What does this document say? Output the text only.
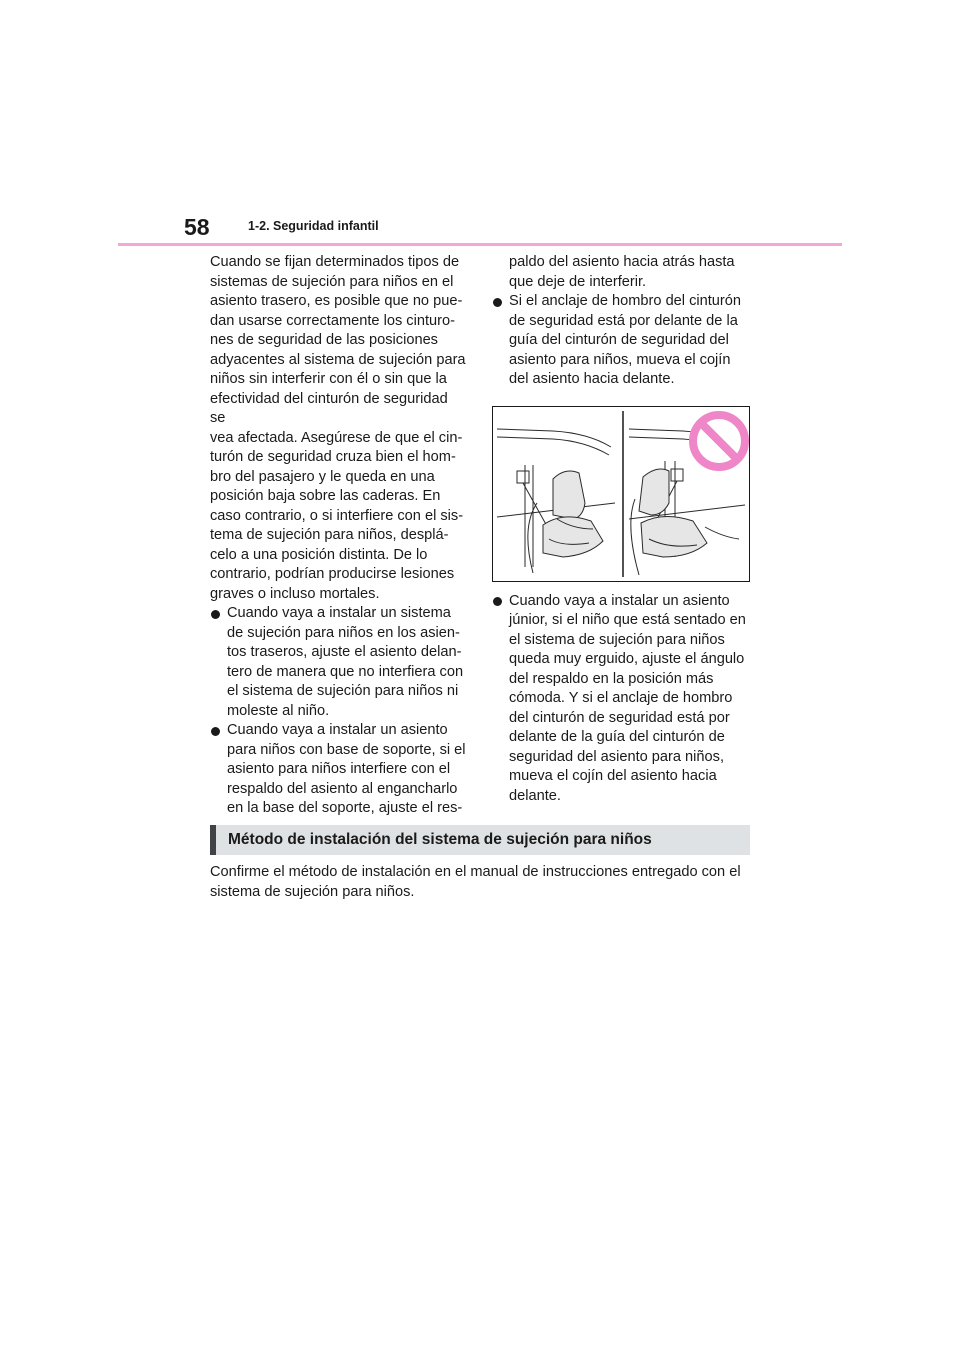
58	1-2. Seguridad infantil

Cuando se fijan determinados tipos de
sistemas de sujeción para niños en el
asiento trasero, es posible que no pue-
dan usarse correctamente los cinturo-
nes de seguridad de las posiciones
adyacentes al sistema de sujeción para
niños sin interferir con él o sin que la
efectividad del cinturón de seguridad se
vea afectada. Asegúrese de que el cin-
turón de seguridad cruza bien el hom-
bro del pasajero y le queda en una
posición baja sobre las caderas. En
caso contrario, o si interfiere con el sis-
tema de sujeción para niños, desplá-
celo a una posición distinta. De lo
contrario, podrían producirse lesiones
graves o incluso mortales.

Cuando vaya a instalar un sistema
de sujeción para niños en los asien-
tos traseros, ajuste el asiento delan-
tero de manera que no interfiera con
el sistema de sujeción para niños ni
moleste al niño.

Cuando vaya a instalar un asiento
para niños con base de soporte, si el
asiento para niños interfiere con el
respaldo del asiento al engancharlo
en la base del soporte, ajuste el res-

paldo del asiento hacia atrás hasta
que deje de interferir.

Si el anclaje de hombro del cinturón
de seguridad está por delante de la
guía del cinturón de seguridad del
asiento para niños, mueva el cojín
del asiento hacia delante.

Cuando vaya a instalar un asiento
júnior, si el niño que está sentado en
el sistema de sujeción para niños
queda muy erguido, ajuste el ángulo
del respaldo en la posición más
cómoda. Y si el anclaje de hombro
del cinturón de seguridad está por
delante de la guía del cinturón de
seguridad del asiento para niños,
mueva el cojín del asiento hacia
delante.

Método de instalación del sistema de sujeción para niños
Confirme el método de instalación en el manual de instrucciones entregado con el
sistema de sujeción para niños.
